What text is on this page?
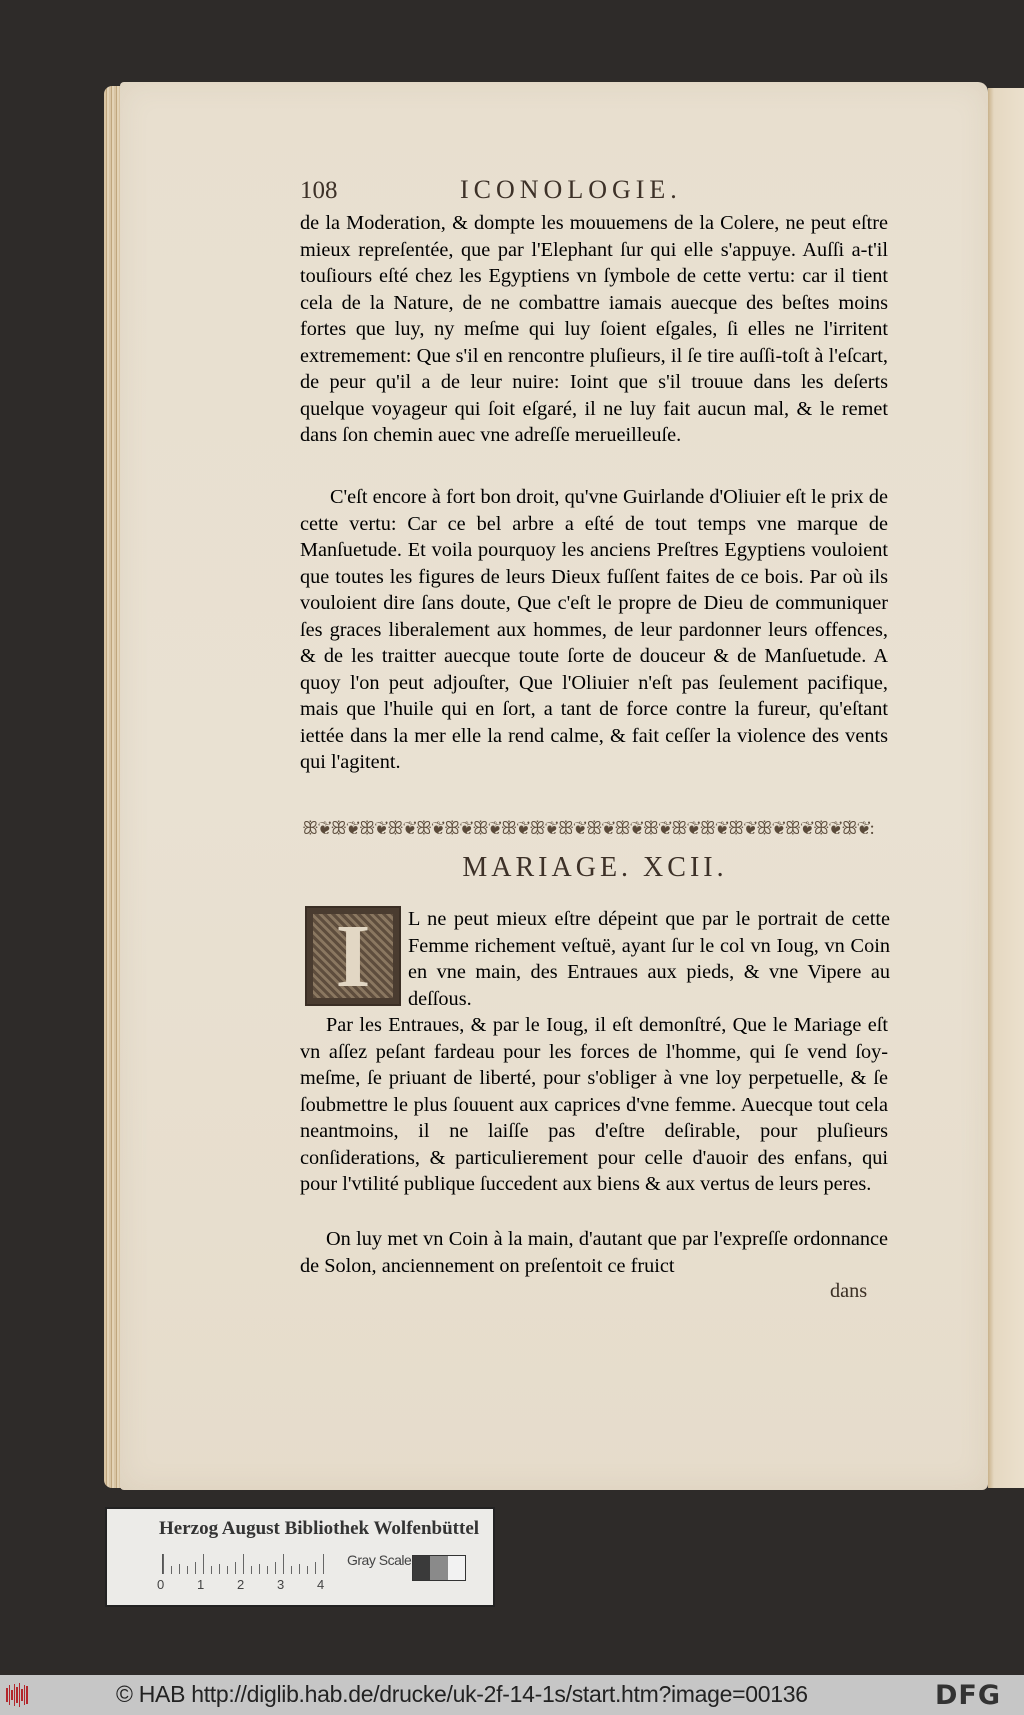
108	ICONOLOGIE.

de la Moderation, & dompte les mouuemens de la Colere, ne peut eſtre mieux repreſentée, que par l'Elephant ſur qui elle s'appuye. Auſſi a-t'il touſiours eſté chez les Egyptiens vn ſymbole de cette vertu: car il tient cela de la Nature, de ne combattre iamais auecque des beſtes moins fortes que luy, ny meſme qui luy ſoient eſgales, ſi elles ne l'irritent extremement: Que s'il en rencontre pluſieurs, il ſe tire auſſi-toſt à l'eſcart, de peur qu'il a de leur nuire: Ioint que s'il trouue dans les deſerts quelque voyageur qui ſoit eſgaré, il ne luy fait aucun mal, & le remet dans ſon chemin auec vne adreſſe merueilleuſe.

C'eſt encore à fort bon droit, qu'vne Guirlande d'Oliuier eſt le prix de cette vertu: Car ce bel arbre a eſté de tout temps vne marque de Manſuetude. Et voila pourquoy les anciens Preſtres Egyptiens vouloient que toutes les figures de leurs Dieux fuſſent faites de ce bois. Par où ils vouloient dire ſans doute, Que c'eſt le propre de Dieu de communiquer ſes graces liberalement aux hommes, de leur pardonner leurs offences, & de les traitter auecque toute ſorte de douceur & de Manſuetude. A quoy l'on peut adjouſter, Que l'Oliuier n'eſt pas ſeulement pacifique, mais que l'huile qui en ſort, a tant de force contre la fureur, qu'eſtant iettée dans la mer elle la rend calme, & fait ceſſer la violence des vents qui l'agitent.

ꕥ❦ꕥ❦ꕥ❦ꕥ❦ꕥ❦ꕥ❦ꕥ❦ꕥ❦ꕥ❦ꕥ❦ꕥ❦ꕥ❦ꕥ❦ꕥ❦ꕥ❦ꕥ❦ꕥ❦ꕥ❦ꕥ❦ꕥ❦:
MARIAGE. XCII.
I	L ne peut mieux eſtre dépeint que par le portrait de cette Femme richement veſtuë, ayant ſur le col vn Ioug, vn Coin en vne main, des Entraues aux pieds, & vne Vipere au deſſous.

Par les Entraues, & par le Ioug, il eſt demonſtré, Que le Mariage eſt vn aſſez peſant fardeau pour les forces de l'homme, qui ſe vend ſoy-meſme, ſe priuant de liberté, pour s'obliger à vne loy perpetuelle, & ſe ſoubmettre le plus ſouuent aux caprices d'vne femme. Auecque tout cela neantmoins, il ne laiſſe pas d'eſtre deſirable, pour pluſieurs conſiderations, & particulierement pour celle d'auoir des enfans, qui pour l'vtilité publique ſuccedent aux biens & aux vertus de leurs peres.

On luy met vn Coin à la main, d'autant que par l'expreſſe ordonnance de Solon, anciennement on preſentoit ce fruict

dans
Herzog August Bibliothek Wolfenbüttel
0	1	2	3	4
Gray Scale
© HAB http://diglib.hab.de/drucke/uk-2f-14-1s/start.htm?image=00136	DFG
